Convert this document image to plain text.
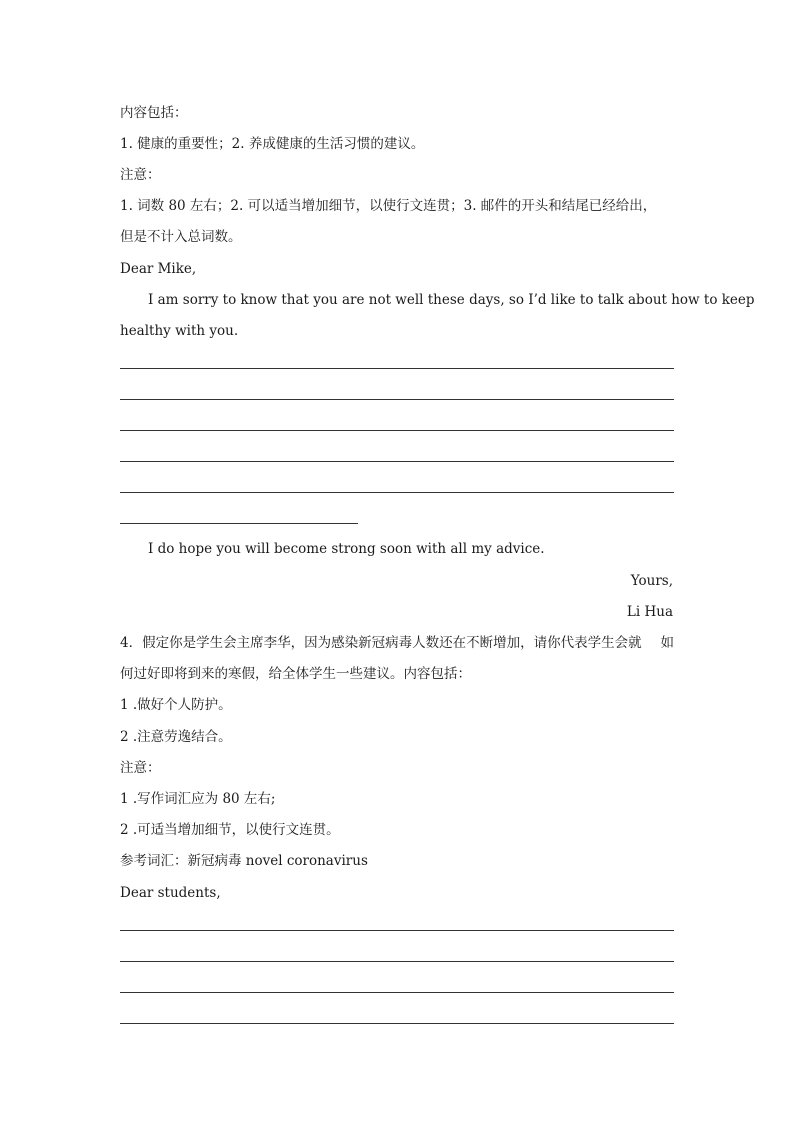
内容包括：
1. 健康的重要性；2. 养成健康的生活习惯的建议。
注意：
1. 词数 80 左右；2. 可以适当增加细节，以使行文连贯；3. 邮件的开头和结尾已经给出，
但是不计入总词数。
Dear Mike,
I am sorry to know that you are not well these days, so I’d like to talk about how to keep
healthy with you.
I do hope you will become strong soon with all my advice.
Yours,
Li Hua
4．假定你是学生会主席李华，因为感染新冠病毒人数还在不断增加，请你代表学生会就 如
何过好即将到来的寒假，给全体学生一些建议。内容包括：
1 .做好个人防护。
2 .注意劳逸结合。
注意：
1 .写作词汇应为 80 左右;
2 .可适当增加细节，以使行文连贯。
参考词汇：新冠病毒 novel coronavirus
Dear students,
